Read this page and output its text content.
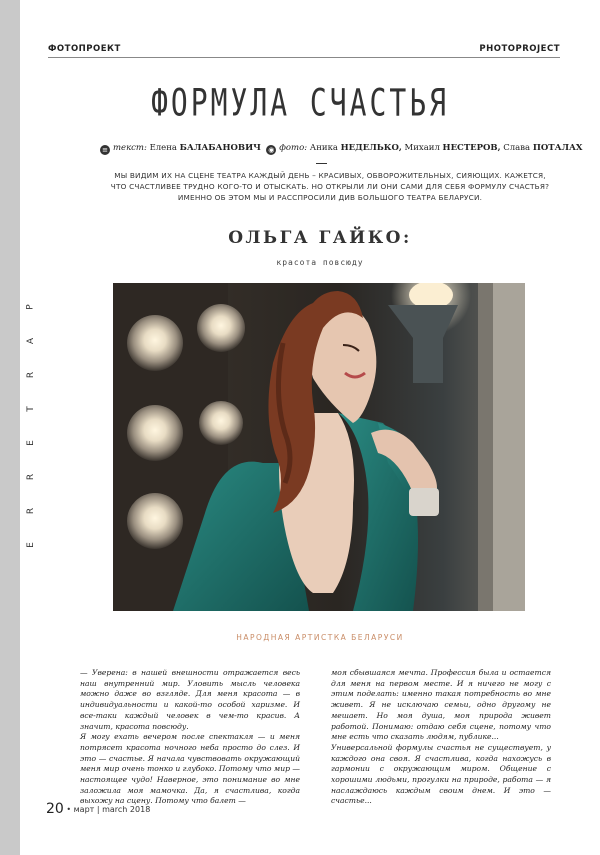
P
A
R
T
E
R
R
E
ФОТОПРОЕКТ	PHOTOPROJECT
ФОРМУЛА СЧАСТЬЯ
≡ текст: Елена БАЛАБАНОВИЧ ◉ фото: Аника НЕДЕЛЬКО, Михаил НЕСТЕРОВ, Слава ПОТАЛАХ
МЫ ВИДИМ ИХ НА СЦЕНЕ ТЕАТРА КАЖДЫЙ ДЕНЬ – КРАСИВЫХ, ОБВОРОЖИТЕЛЬНЫХ, СИЯЮЩИХ. КАЖЕТСЯ, ЧТО СЧАСТЛИВЕЕ ТРУДНО КОГО-ТО И ОТЫСКАТЬ. НО ОТКРЫЛИ ЛИ ОНИ САМИ ДЛЯ СЕБЯ ФОРМУЛУ СЧАСТЬЯ? ИМЕННО ОБ ЭТОМ МЫ И РАССПРОСИЛИ ДИВ БОЛЬШОГО ТЕАТРА БЕЛАРУСИ.
ОЛЬГА ГАЙКО:
красота повсюду
НАРОДНАЯ АРТИСТКА БЕЛАРУСИ

— Уверена: в нашей внешности отражается весь наш внутренний мир. Уловить мысль человека можно даже во взгляде. Для меня красота — в индивидуальности и какой-то особой харизме. И все-таки каждый человек в чем-то красив. А значит, красота повсюду.

Я могу ехать вечером после спектакля — и меня потрясет красота ночного неба просто до слез. И это — счастье. Я начала чувствовать окружающий меня мир очень тонко и глубоко. Потому что мир — настоящее чудо! Наверное, это понимание во мне заложила моя мамочка. Да, я счастлива, когда выхожу на сцену. Потому что балет —

моя сбывшаяся мечта. Профессия была и остается для меня на первом месте. И я ничего не могу с этим поделать: именно такая потребность во мне живет. Я не исключаю семьи, одно другому не мешает. Но моя душа, моя природа живет работой. Понимаю: отдаю себя сцене, потому что мне есть что сказать людям, публике...

Универсальной формулы счастья не существует, у каждого она своя. Я счастлива, когда нахожусь в гармонии с окружающим миром. Общение с хорошими людьми, прогулки на природе, работа — я наслаждаюсь каждым своим днем. И это — счастье...

20 • март | march 2018
